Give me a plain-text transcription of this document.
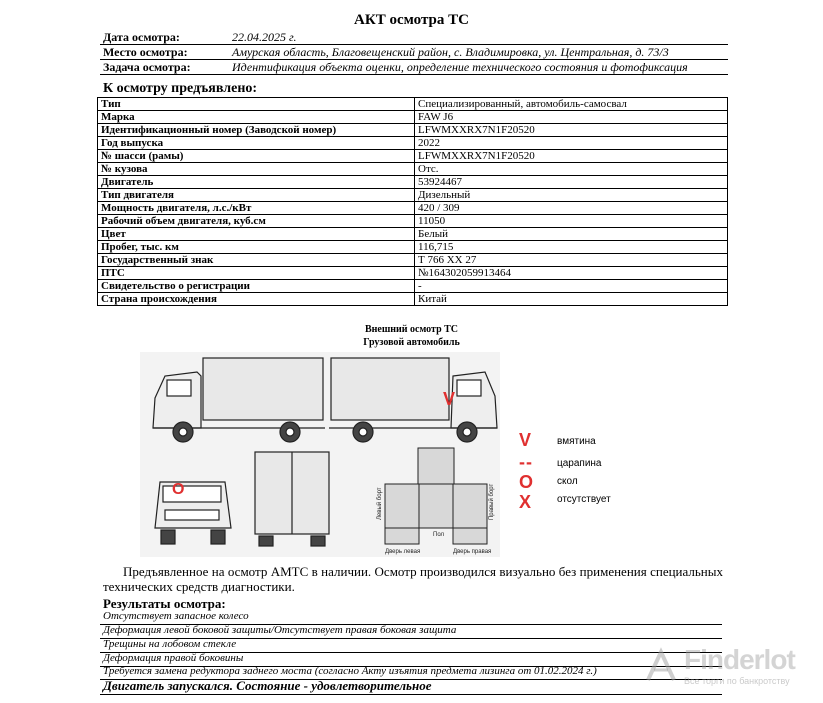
АКТ осмотра ТС
Дата осмотра:	22.04.2025 г.
Место осмотра:	Амурская область, Благовещенский район, с. Владимировка, ул. Центральная, д. 73/3
Задача осмотра:	Идентификация объекта оценки, определение технического состояния и фотофиксация
К осмотру предъявлено:
Тип	Специализированный, автомобиль-самосвал
Марка	FAW J6
Идентификационный номер (Заводской номер)	LFWMXXRX7N1F20520
Год выпуска	2022
№ шасси (рамы)	LFWMXXRX7N1F20520
№ кузова	Отс.
Двигатель	53924467
Тип двигателя	Дизельный
Мощность двигателя, л.с./кВт	420 / 309
Рабочий объем двигателя, куб.см	11050
Цвет	Белый
Пробег, тыс. км	116,715
Государственный знак	Т 766 ХХ 27
ПТС	№164302059913464
Свидетельство о регистрации	-
Страна происхождения	Китай
Внешний осмотр ТС
Грузовой автомобиль
V
O
Пол
Дверь левая	Дверь правая
Левый борт	Правый борт
V	вмятина
- -	царапина
O скол
X	отсутствует
Предъявленное на осмотр АМТС в наличии. Осмотр производился визуально без применения специальных технических средств диагностики.
Результаты осмотра:
Отсутствует запасное колесо
Деформация левой боковой защиты/Отсутствует правая боковая защита
Трещины на лобовом стекле
Деформация правой боковины
Требуется замена редуктора заднего моста (согласно Акту изъятия предмета лизинга от 01.02.2024 г.)
Двигатель запускался. Состояние - удовлетворительное
Finderlot
Все торги по банкротству
